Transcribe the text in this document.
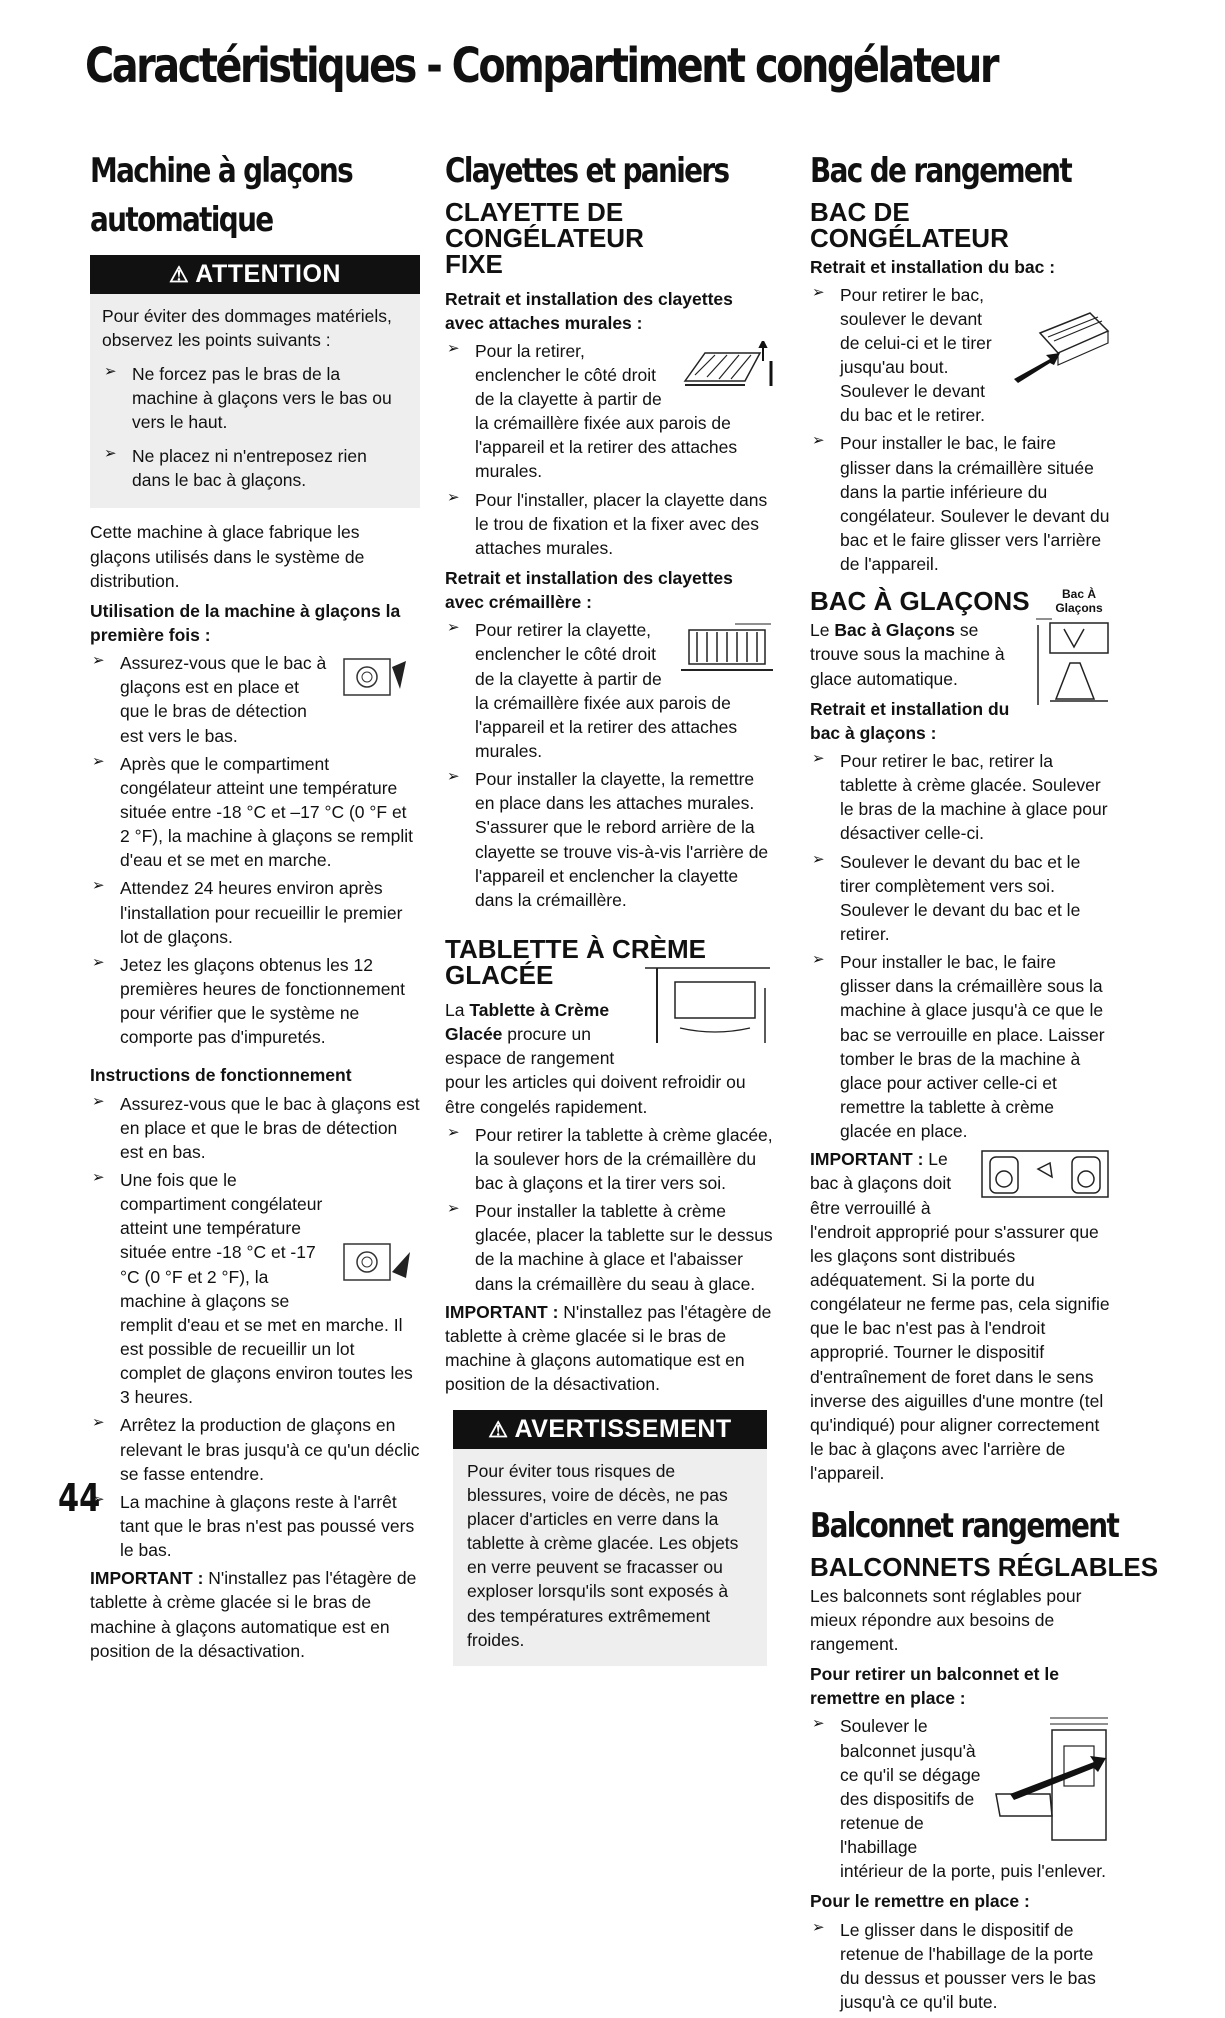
Caractéristiques - Compartiment congélateur
Machine à glaçons
automatique
⚠ ATTENTION

Pour éviter des dommages matériels, observez les points suivants :

➢ Ne forcez pas le bras de la machine à glaçons vers le bas ou vers le haut.
➢ Ne placez ni n'entreposez rien dans le bac à glaçons.

Cette machine à glace fabrique les glaçons utilisés dans le système de distribution.

Utilisation de la machine à glaçons la première fois :

➢ Assurez-vous que le bac à glaçons est en place et que le bras de détection est vers le bas.
➢ Après que le compartiment congélateur atteint une température située entre -18 °C et –17 °C (0 °F et 2 °F), la machine à glaçons se remplit d'eau et se met en marche.
➢ Attendez 24 heures environ après l'installation pour recueillir le premier lot de glaçons.
➢ Jetez les glaçons obtenus les 12 premières heures de fonctionnement pour vérifier que le système ne comporte pas d'impuretés.

Instructions de fonctionnement

➢ Assurez-vous que le bac à glaçons est en place et que le bras de détection est en bas.
➢ Une fois que le compartiment congélateur atteint une température située entre -18 °C et -17 °C (0 °F et 2 °F), la machine à glaçons se remplit d'eau et se met en marche. Il est possible de recueillir un lot complet de glaçons environ toutes les 3 heures.
➢ Arrêtez la production de glaçons en relevant le bras jusqu'à ce qu'un déclic se fasse entendre.
➢ La machine à glaçons reste à l'arrêt tant que le bras n'est pas poussé vers le bas.

IMPORTANT : N'installez pas l'étagère de tablette à crème glacée si le bras de machine à glaçons automatique est en position de la désactivation.

Clayettes et paniers
CLAYETTE DE CONGÉLATEUR FIXE

Retrait et installation des clayettes avec attaches murales :

➢ Pour la retirer, enclencher le côté droit de la clayette à partir de la crémaillère fixée aux parois de l'appareil et la retirer des attaches murales.
➢ Pour l'installer, placer la clayette dans le trou de fixation et la fixer avec des attaches murales.

Retrait et installation des clayettes avec crémaillère :

➢ Pour retirer la clayette, enclencher le côté droit de la clayette à partir de la crémaillère fixée aux parois de l'appareil et la retirer des attaches murales.
➢ Pour installer la clayette, la remettre en place dans les attaches murales. S'assurer que le rebord arrière de la clayette se trouve vis-à-vis l'arrière de l'appareil et enclencher la clayette dans la crémaillère.
TABLETTE À CRÈME GLACÉE

La Tablette à Crème Glacée procure un espace de rangement pour les articles qui doivent refroidir ou être congelés rapidement.

➢ Pour retirer la tablette à crème glacée, la soulever hors de la crémaillère du bac à glaçons et la tirer vers soi.
➢ Pour installer la tablette à crème glacée, placer la tablette sur le dessus de la machine à glace et l'abaisser dans la crémaillère du seau à glace.

IMPORTANT : N'installez pas l'étagère de tablette à crème glacée si le bras de machine à glaçons automatique est en position de la désactivation.

⚠ AVERTISSEMENT

Pour éviter tous risques de blessures, voire de décès, ne pas placer d'articles en verre dans la tablette à crème glacée. Les objets en verre peuvent se fracasser ou exploser lorsqu'ils sont exposés à des températures extrêmement froides.

Bac de rangement
BAC DE CONGÉLATEUR

Retrait et installation du bac :

➢ Pour retirer le bac, soulever le devant de celui-ci et le tirer jusqu'au bout. Soulever le devant du bac et le retirer.
➢ Pour installer le bac, le faire glisser dans la crémaillère située dans la partie inférieure du congélateur. Soulever le devant du bac et le faire glisser vers l'arrière de l'appareil.
BAC À GLAÇONS	Bac À Glaçons

Le Bac à Glaçons se trouve sous la machine à glace automatique.

Retrait et installation du bac à glaçons :

➢ Pour retirer le bac, retirer la tablette à crème glacée. Soulever le bras de la machine à glace pour désactiver celle-ci.
➢ Soulever le devant du bac et le tirer complètement vers soi. Soulever le devant du bac et le retirer.
➢ Pour installer le bac, le faire glisser dans la crémaillère sous la machine à glace jusqu'à ce que le bac se verrouille en place. Laisser tomber le bras de la machine à glace pour activer celle-ci et remettre la tablette à crème glacée en place.

IMPORTANT : Le bac à glaçons doit être verrouillé à l'endroit approprié pour s'assurer que les glaçons sont distribués adéquatement. Si la porte du congélateur ne ferme pas, cela signifie que le bac n'est pas à l'endroit approprié. Tourner le dispositif d'entraînement de foret dans le sens inverse des aiguilles d'une montre (tel qu'indiqué) pour aligner correctement le bac à glaçons avec l'arrière de l'appareil.

Balconnet rangement
BALCONNETS RÉGLABLES

Les balconnets sont réglables pour mieux répondre aux besoins de rangement.

Pour retirer un balconnet et le remettre en place :

➢ Soulever le balconnet jusqu'à ce qu'il se dégage des dispositifs de retenue de l'habillage intérieur de la porte, puis l'enlever.

Pour le remettre en place :

➢ Le glisser dans le dispositif de retenue de l'habillage de la porte du dessus et pousser vers le bas jusqu'à ce qu'il bute.
44
